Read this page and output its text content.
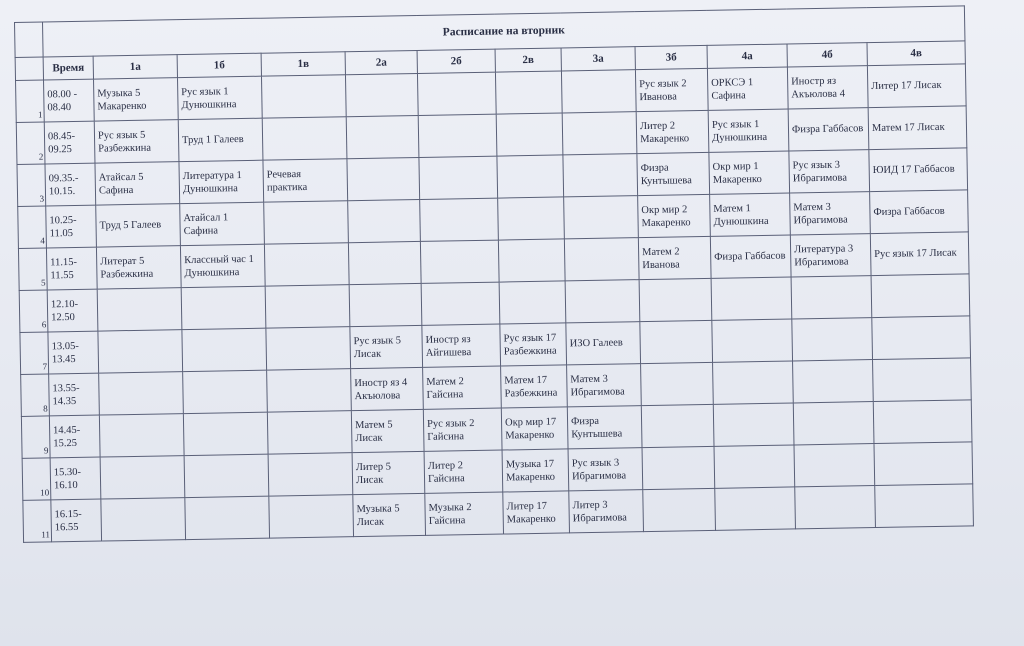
	Расписание на вторник											
	Время	1а	1б	1в	2а	2б	2в	3а	3б	4а	4б	4в
1	08.00 - 08.40	Музыка 5 Макаренко	Рус язык 1 Дунюшкина						Рус язык 2 Иванова	ОРКСЭ 1 Сафина	Иностр яз Акъюлова 4	Литер 17 Лисак
2	08.45- 09.25	Рус язык 5 Разбежкина	Труд 1 Галеев						Литер 2 Макаренко	Рус язык 1 Дунюшкина	Физра Габбасов	Матем 17 Лисак
3	09.35.- 10.15.	Атайсал 5 Сафина	Литература 1 Дунюшкина	Речевая практика					Физра Кунтышева	Окр мир 1 Макаренко	Рус язык 3 Ибрагимова	ЮИД 17 Габбасов
4	10.25- 11.05	Труд 5 Галеев	Атайсал 1 Сафина						Окр мир 2 Макаренко	Матем 1 Дунюшкина	Матем 3 Ибрагимова	Физра Габбасов
5	11.15- 11.55	Литерат 5 Разбежкина	Классный час 1 Дунюшкина						Матем 2 Иванова	Физра Габбасов	Литература 3 Ибрагимова	Рус язык 17 Лисак
6	12.10- 12.50											
7	13.05- 13.45				Рус язык 5 Лисак	Иностр яз Айгишева	Рус язык 17 Разбежкина	ИЗО Галеев				
8	13.55- 14.35				Иностр яз 4 Акъюлова	Матем 2 Гайсина	Матем 17 Разбежкина	Матем 3 Ибрагимова				
9	14.45- 15.25				Матем 5 Лисак	Рус язык 2 Гайсина	Окр мир 17 Макаренко	Физра Кунтышева				
10	15.30- 16.10				Литер 5 Лисак	Литер 2 Гайсина	Музыка 17 Макаренко	Рус язык 3 Ибрагимова				
11	16.15- 16.55				Музыка 5 Лисак	Музыка 2 Гайсина	Литер 17 Макаренко	Литер 3 Ибрагимова				
